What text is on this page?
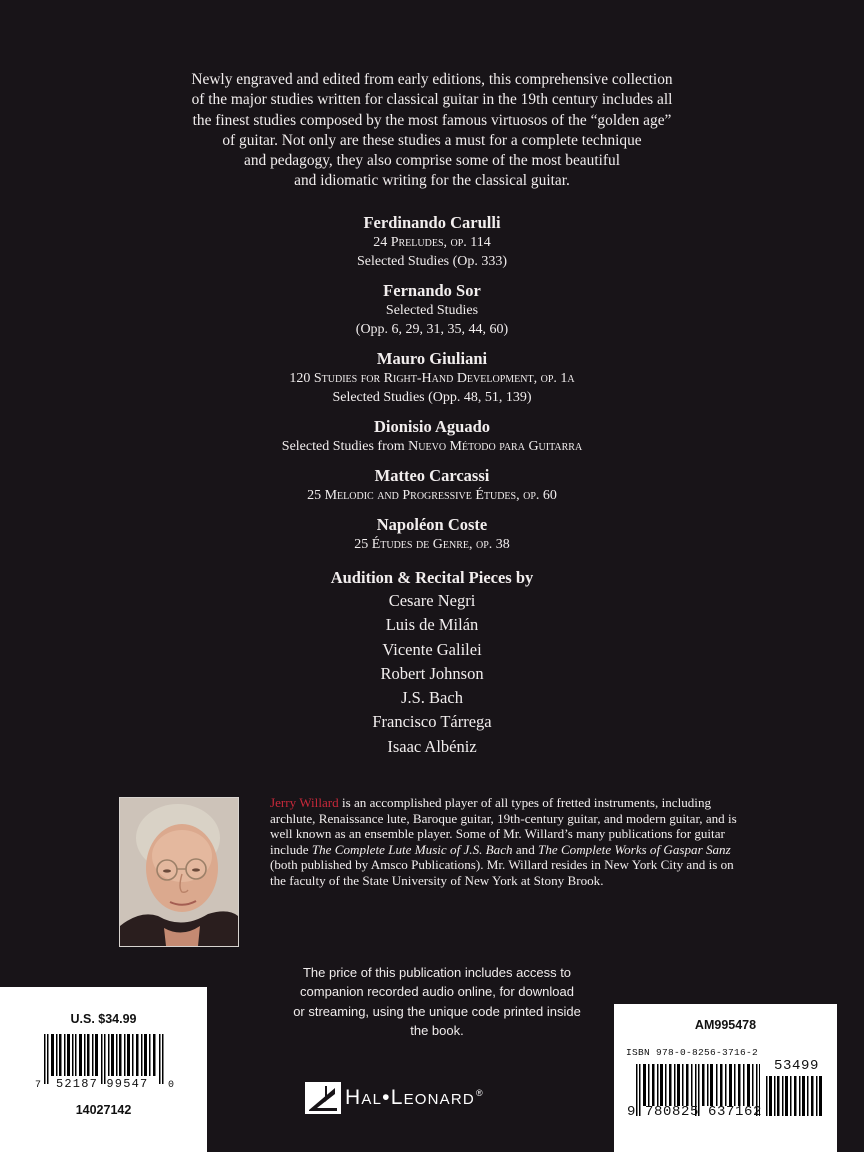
Newly engraved and edited from early editions, this comprehensive collection
of the major studies written for classical guitar in the 19th century includes all
the finest studies composed by the most famous virtuosos of the “golden age”
of guitar. Not only are these studies a must for a complete technique
and pedagogy, they also comprise some of the most beautiful
and idiomatic writing for the classical guitar.
Ferdinando Carulli
24 Preludes, op. 114
Selected Studies (Op. 333)
Fernando Sor
Selected Studies
(Opp. 6, 29, 31, 35, 44, 60)
Mauro Giuliani
120 Studies for Right-Hand Development, op. 1a
Selected Studies (Opp. 48, 51, 139)
Dionisio Aguado
Selected Studies from Nuevo Método para Guitarra
Matteo Carcassi
25 Melodic and Progressive Études, op. 60
Napoléon Coste
25 Études de Genre, op. 38
Audition & Recital Pieces by
Cesare Negri
Luis de Milán
Vicente Galilei
Robert Johnson
J.S. Bach
Francisco Tárrega
Isaac Albéniz
Jerry Willard is an accomplished player of all types of fretted instruments, including archlute, Renaissance lute, Baroque guitar, 19th-century guitar, and modern guitar, and is well known as an ensemble player. Some of Mr. Willard’s many publications for guitar include The Complete Lute Music of J.S. Bach and The Complete Works of Gaspar Sanz (both published by Amsco Publications). Mr. Willard resides in New York City and is on the faculty of the State University of New York at Stony Brook.
The price of this publication includes access to
companion recorded audio online, for download
or streaming, using the unique code printed inside
the book.
U.S. $34.99
7 52187 99547 0
14027142
AM995478
ISBN 978-0-8256-3716-2
9 780825 637162
53499
Hal•Leonard®
